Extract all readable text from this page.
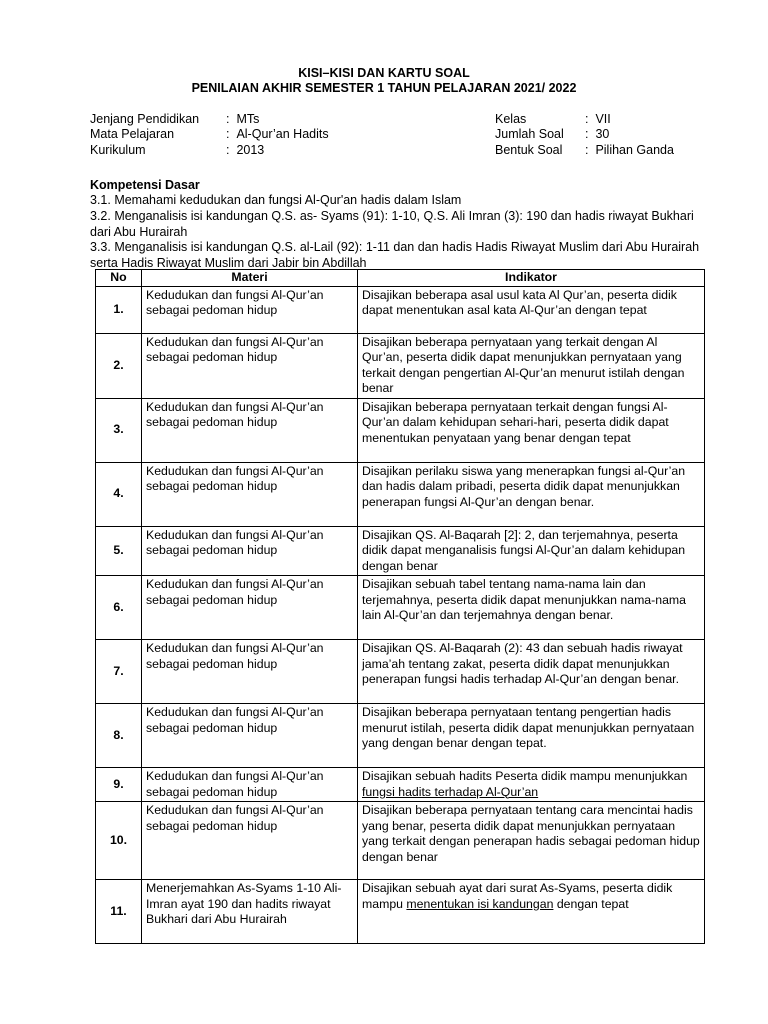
KISI–KISI DAN KARTU SOAL
PENILAIAN AKHIR SEMESTER 1 TAHUN PELAJARAN 2021/ 2022
Jenjang Pendidikan : MTs
Mata Pelajaran	: Al-Qur’an Hadits
Kurikulum	: 2013
Kelas	: VII
Jumlah Soal : 30
Bentuk Soal : Pilihan Ganda
Kompetensi Dasar
3.1. Memahami kedudukan dan fungsi Al-Qur'an hadis dalam Islam
3.2. Menganalisis isi kandungan Q.S. as- Syams (91): 1-10, Q.S. Ali Imran (3): 190 dan hadis riwayat Bukhari dari Abu Hurairah
3.3. Menganalisis isi kandungan Q.S. al-Lail (92): 1-11 dan dan hadis Hadis Riwayat Muslim dari Abu Hurairah serta Hadis Riwayat Muslim dari Jabir bin Abdillah
No	Materi	Indikator
1.	Kedudukan dan fungsi Al-Qur’an sebagai pedoman hidup	Disajikan beberapa asal usul kata Al Qur’an, peserta didik dapat menentukan asal kata Al-Qur’an dengan tepat
2.	Kedudukan dan fungsi Al-Qur’an sebagai pedoman hidup	Disajikan beberapa pernyataan yang terkait dengan Al Qur’an, peserta didik dapat menunjukkan pernyataan yang terkait dengan pengertian Al-Qur’an menurut istilah dengan benar
3.	Kedudukan dan fungsi Al-Qur’an sebagai pedoman hidup	Disajikan beberapa pernyataan terkait dengan fungsi Al-Qur’an dalam kehidupan sehari-hari, peserta didik dapat menentukan penyataan yang benar dengan tepat
4.	Kedudukan dan fungsi Al-Qur’an sebagai pedoman hidup	Disajikan perilaku siswa yang menerapkan fungsi al-Qur’an dan hadis dalam pribadi, peserta didik dapat menunjukkan penerapan fungsi Al-Qur’an dengan benar.
5.	Kedudukan dan fungsi Al-Qur’an sebagai pedoman hidup	Disajikan QS. Al-Baqarah [2]: 2, dan terjemahnya, peserta didik dapat menganalisis fungsi Al-Qur’an dalam kehidupan dengan benar
6.	Kedudukan dan fungsi Al-Qur’an sebagai pedoman hidup	Disajikan sebuah tabel tentang nama-nama lain dan terjemahnya, peserta didik dapat menunjukkan nama-nama lain Al-Qur’an dan terjemahnya dengan benar.
7.	Kedudukan dan fungsi Al-Qur’an sebagai pedoman hidup	Disajikan QS. Al-Baqarah (2): 43 dan sebuah hadis riwayat jama’ah tentang zakat, peserta didik dapat menunjukkan penerapan fungsi hadis terhadap Al-Qur’an dengan benar.
8.	Kedudukan dan fungsi Al-Qur’an sebagai pedoman hidup	Disajikan beberapa pernyataan tentang pengertian hadis menurut istilah, peserta didik dapat menunjukkan pernyataan yang dengan benar dengan tepat.
9.	Kedudukan dan fungsi Al-Qur’an sebagai pedoman hidup	Disajikan sebuah hadits Peserta didik mampu menunjukkan fungsi hadits terhadap Al-Qur’an
10.	Kedudukan dan fungsi Al-Qur’an sebagai pedoman hidup	Disajikan beberapa pernyataan tentang cara mencintai hadis yang benar, peserta didik dapat menunjukkan pernyataan yang terkait dengan penerapan hadis sebagai pedoman hidup dengan benar
11.	Menerjemahkan As-Syams 1-10 Ali-Imran ayat 190 dan hadits riwayat Bukhari dari Abu Hurairah	Disajikan sebuah ayat dari surat As-Syams, peserta didik mampu menentukan isi kandungan dengan tepat
